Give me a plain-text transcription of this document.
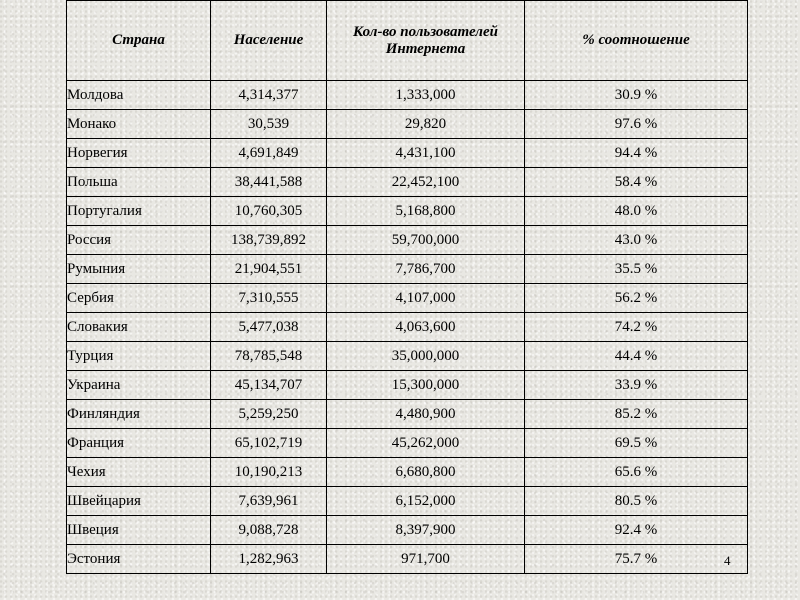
Страна	Население	Кол-во пользователей Интернета	% соотношение
Молдова	4,314,377	1,333,000	30.9 %
Монако	30,539	29,820	97.6 %
Норвегия	4,691,849	4,431,100	94.4 %
Польша	38,441,588	22,452,100	58.4 %
Португалия	10,760,305	5,168,800	48.0 %
Россия	138,739,892	59,700,000	43.0 %
Румыния	21,904,551	7,786,700	35.5 %
Сербия	7,310,555	4,107,000	56.2 %
Словакия	5,477,038	4,063,600	74.2 %
Турция	78,785,548	35,000,000	44.4 %
Украина	45,134,707	15,300,000	33.9 %
Финляндия	5,259,250	4,480,900	85.2 %
Франция	65,102,719	45,262,000	69.5 %
Чехия	10,190,213	6,680,800	65.6 %
Швейцария	7,639,961	6,152,000	80.5 %
Швеция	9,088,728	8,397,900	92.4 %
Эстония	1,282,963	971,700	75.7 %	4
